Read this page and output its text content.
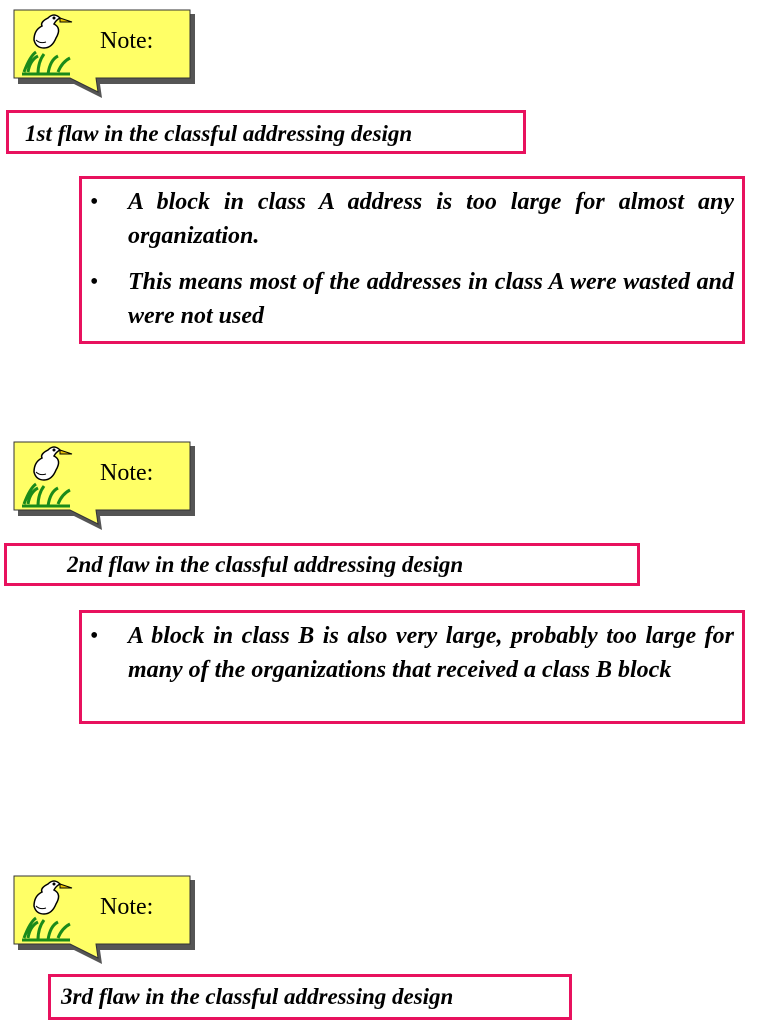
Note:
1st flaw in the classful addressing design
• A block in class A address is too large for almost any organization.
• This means most of the addresses in class A were wasted and were not used
Note:
2nd flaw in the classful addressing design
• A block in class B is also very large, probably too large for many of the organizations that received a class B block
Note:
3rd flaw in the classful addressing design
